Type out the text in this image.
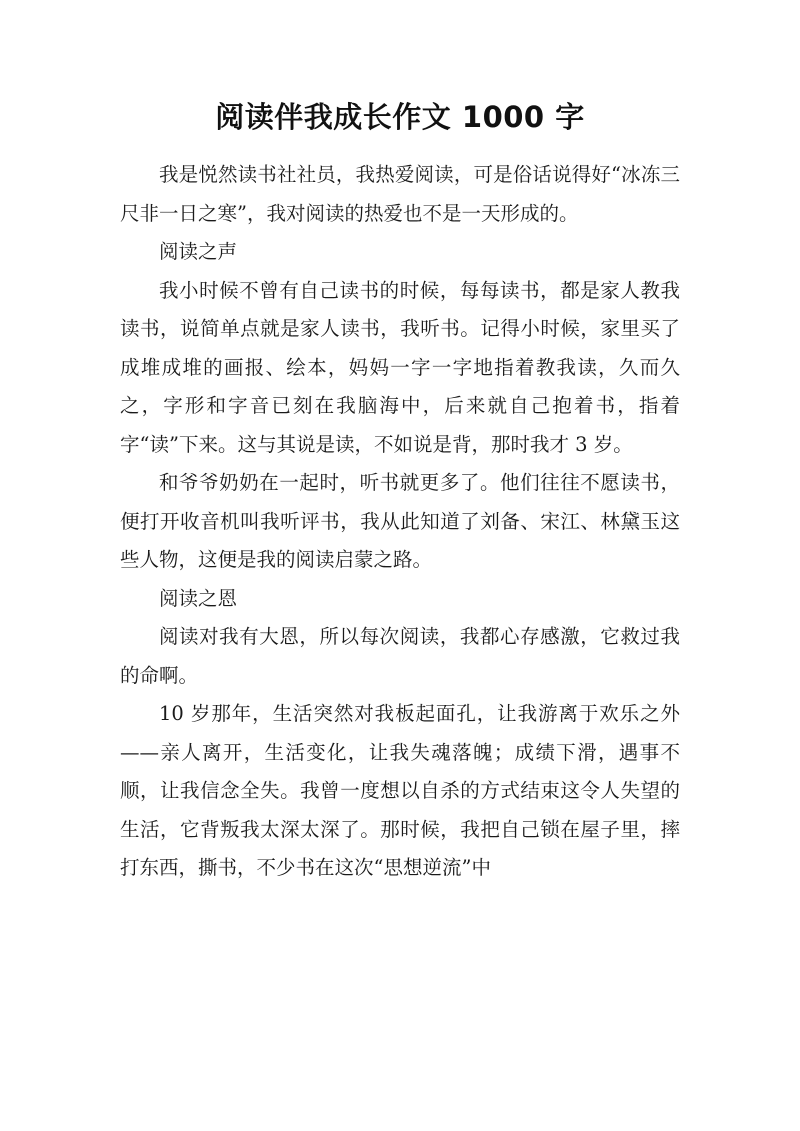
阅读伴我成长作文 1000 字

我是悦然读书社社员，我热爱阅读，可是俗话说得好“冰冻三尺非一日之寒”，我对阅读的热爱也不是一天形成的。

阅读之声

我小时候不曾有自己读书的时候，每每读书，都是家人教我读书，说简单点就是家人读书，我听书。记得小时候，家里买了成堆成堆的画报、绘本，妈妈一字一字地指着教我读，久而久之，字形和字音已刻在我脑海中，后来就自己抱着书，指着字“读”下来。这与其说是读，不如说是背，那时我才 3 岁。

和爷爷奶奶在一起时，听书就更多了。他们往往不愿读书，便打开收音机叫我听评书，我从此知道了刘备、宋江、林黛玉这些人物，这便是我的阅读启蒙之路。

阅读之恩

阅读对我有大恩，所以每次阅读，我都心存感激，它救过我的命啊。

10 岁那年，生活突然对我板起面孔，让我游离于欢乐之外——亲人离开，生活变化，让我失魂落魄；成绩下滑，遇事不顺，让我信念全失。我曾一度想以自杀的方式结束这令人失望的生活，它背叛我太深太深了。那时候，我把自己锁在屋子里，摔打东西，撕书，不少书在这次“思想逆流”中
